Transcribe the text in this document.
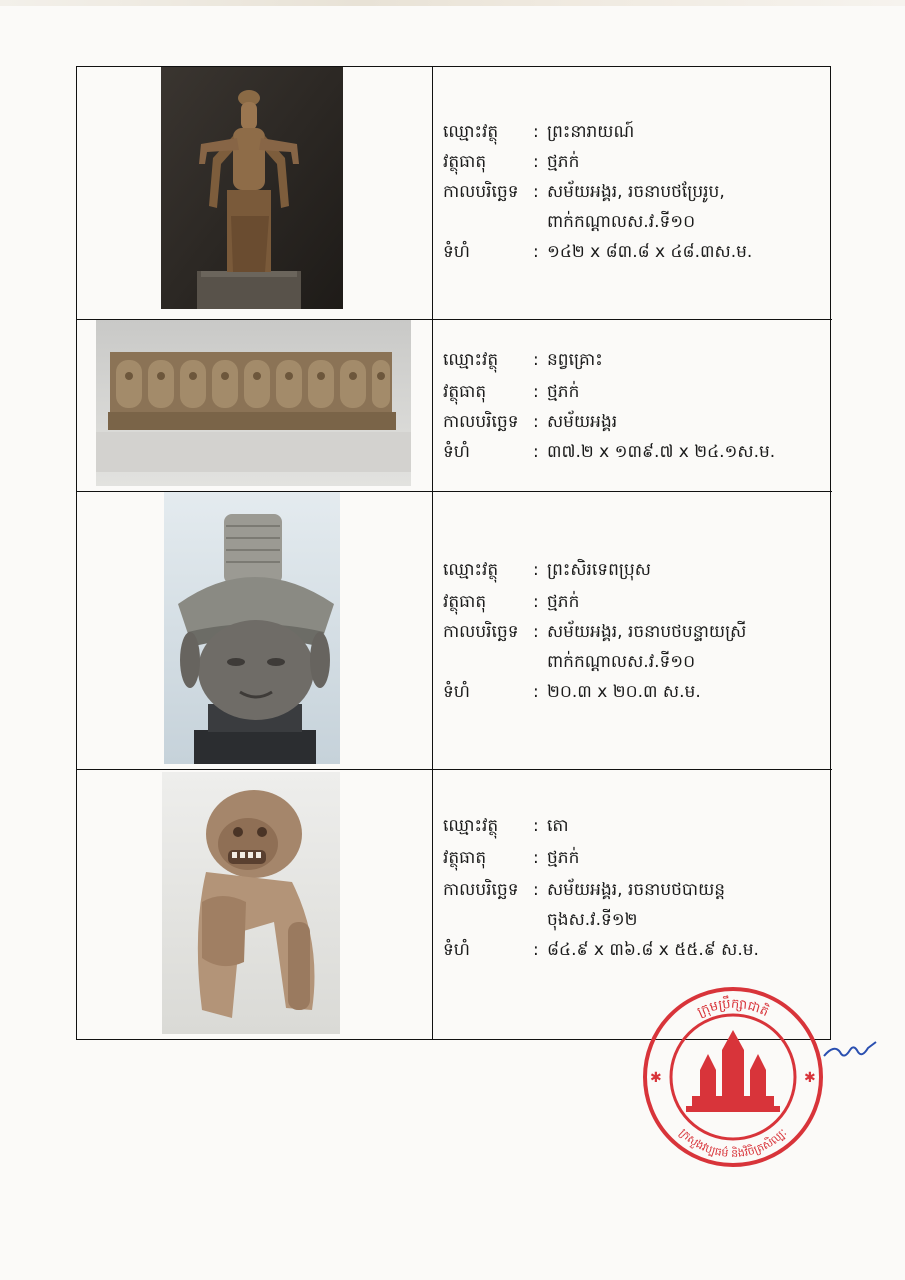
ឈ្មោះវត្ថុ : ព្រះនារាយណ៍
វត្ថុធាតុ	: ថ្មភក់
កាលបរិច្ឆេទ : សម័យអង្គរ, រចនាបថប្រែរូប,
ពាក់កណ្ដាលស.វ.ទី១០
ទំហំ	: ១៤២ x ៨៣.៨ x ៤៨.៣ស.ម.
ឈ្មោះវត្ថុ : នព្វគ្រោះ
វត្ថុធាតុ	: ថ្មភក់
កាលបរិច្ឆេទ : សម័យអង្គរ
ទំហំ	: ៣៧.២ x ១៣៩.៧ x ២៤.១ស.ម.
ឈ្មោះវត្ថុ : ព្រះសិរទេពប្រុស
វត្ថុធាតុ	: ថ្មភក់
កាលបរិច្ឆេទ : សម័យអង្គរ, រចនាបថបន្ទាយស្រី
ពាក់កណ្ដាលស.វ.ទី១០
ទំហំ	: ២០.៣ x ២០.៣ ស.ម.
ឈ្មោះវត្ថុ : តោ
វត្ថុធាតុ	: ថ្មភក់
កាលបរិច្ឆេទ : សម័យអង្គរ, រចនាបថបាយន្ត
ចុងស.វ.ទី១២
ទំហំ	: ៨៤.៩ x ៣៦.៨ x ៥៥.៩ ស.ម.
ក្រុមប្រឹក្សាជាតិ
ក្រសួងវប្បធម៌ និងវិចិត្រសិល្បៈ
✱	✱
